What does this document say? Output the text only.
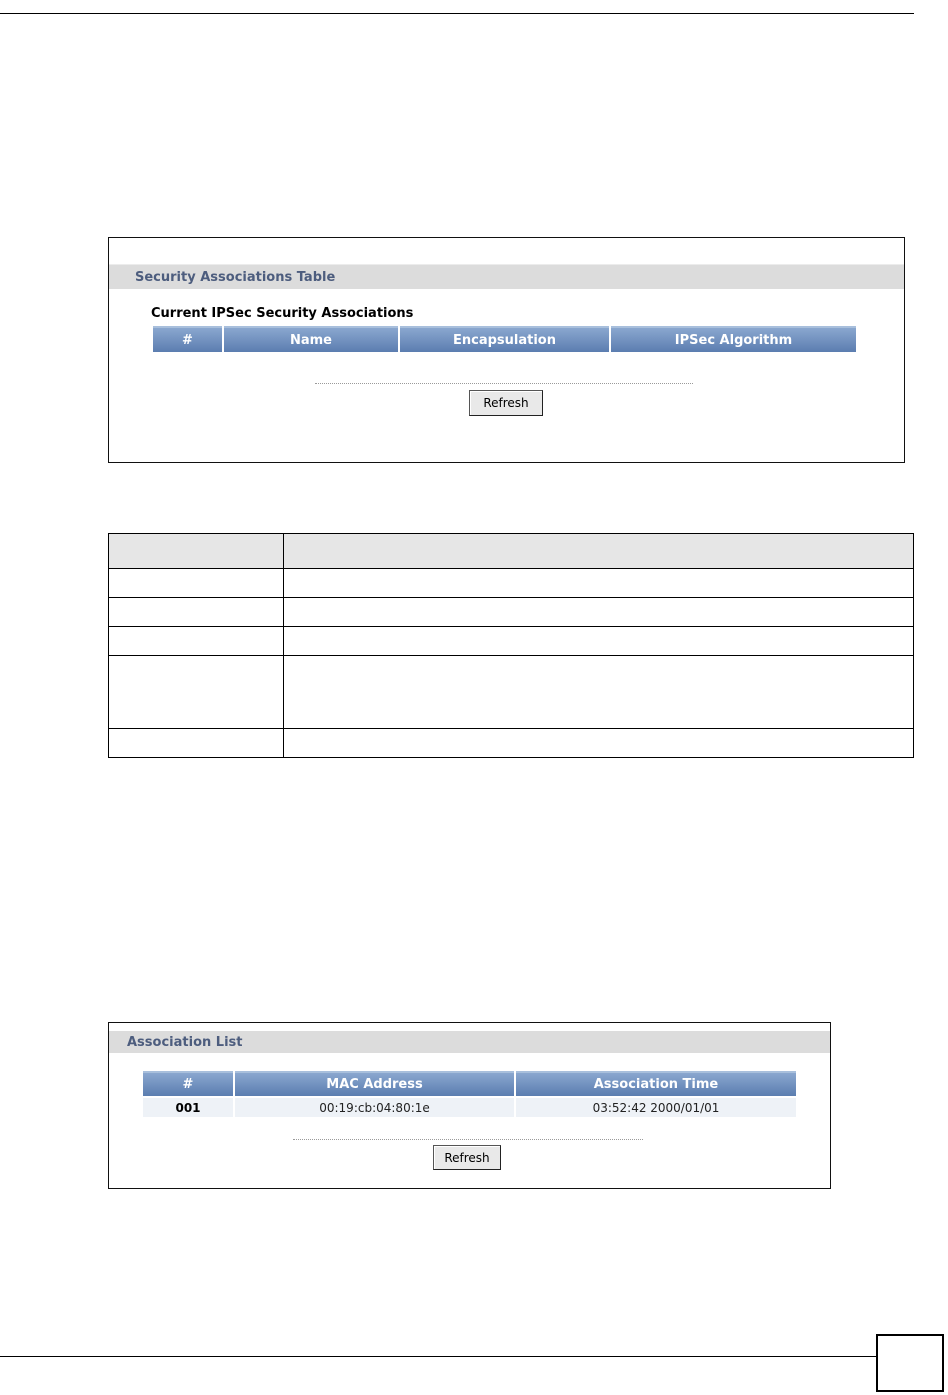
Security Associations Table
Current IPSec Security Associations
#	Name	Encapsulation	IPSec Algorithm
Refresh

Association List
#	MAC Address	Association Time
001	00:19:cb:04:80:1e	03:52:42 2000/01/01
Refresh
